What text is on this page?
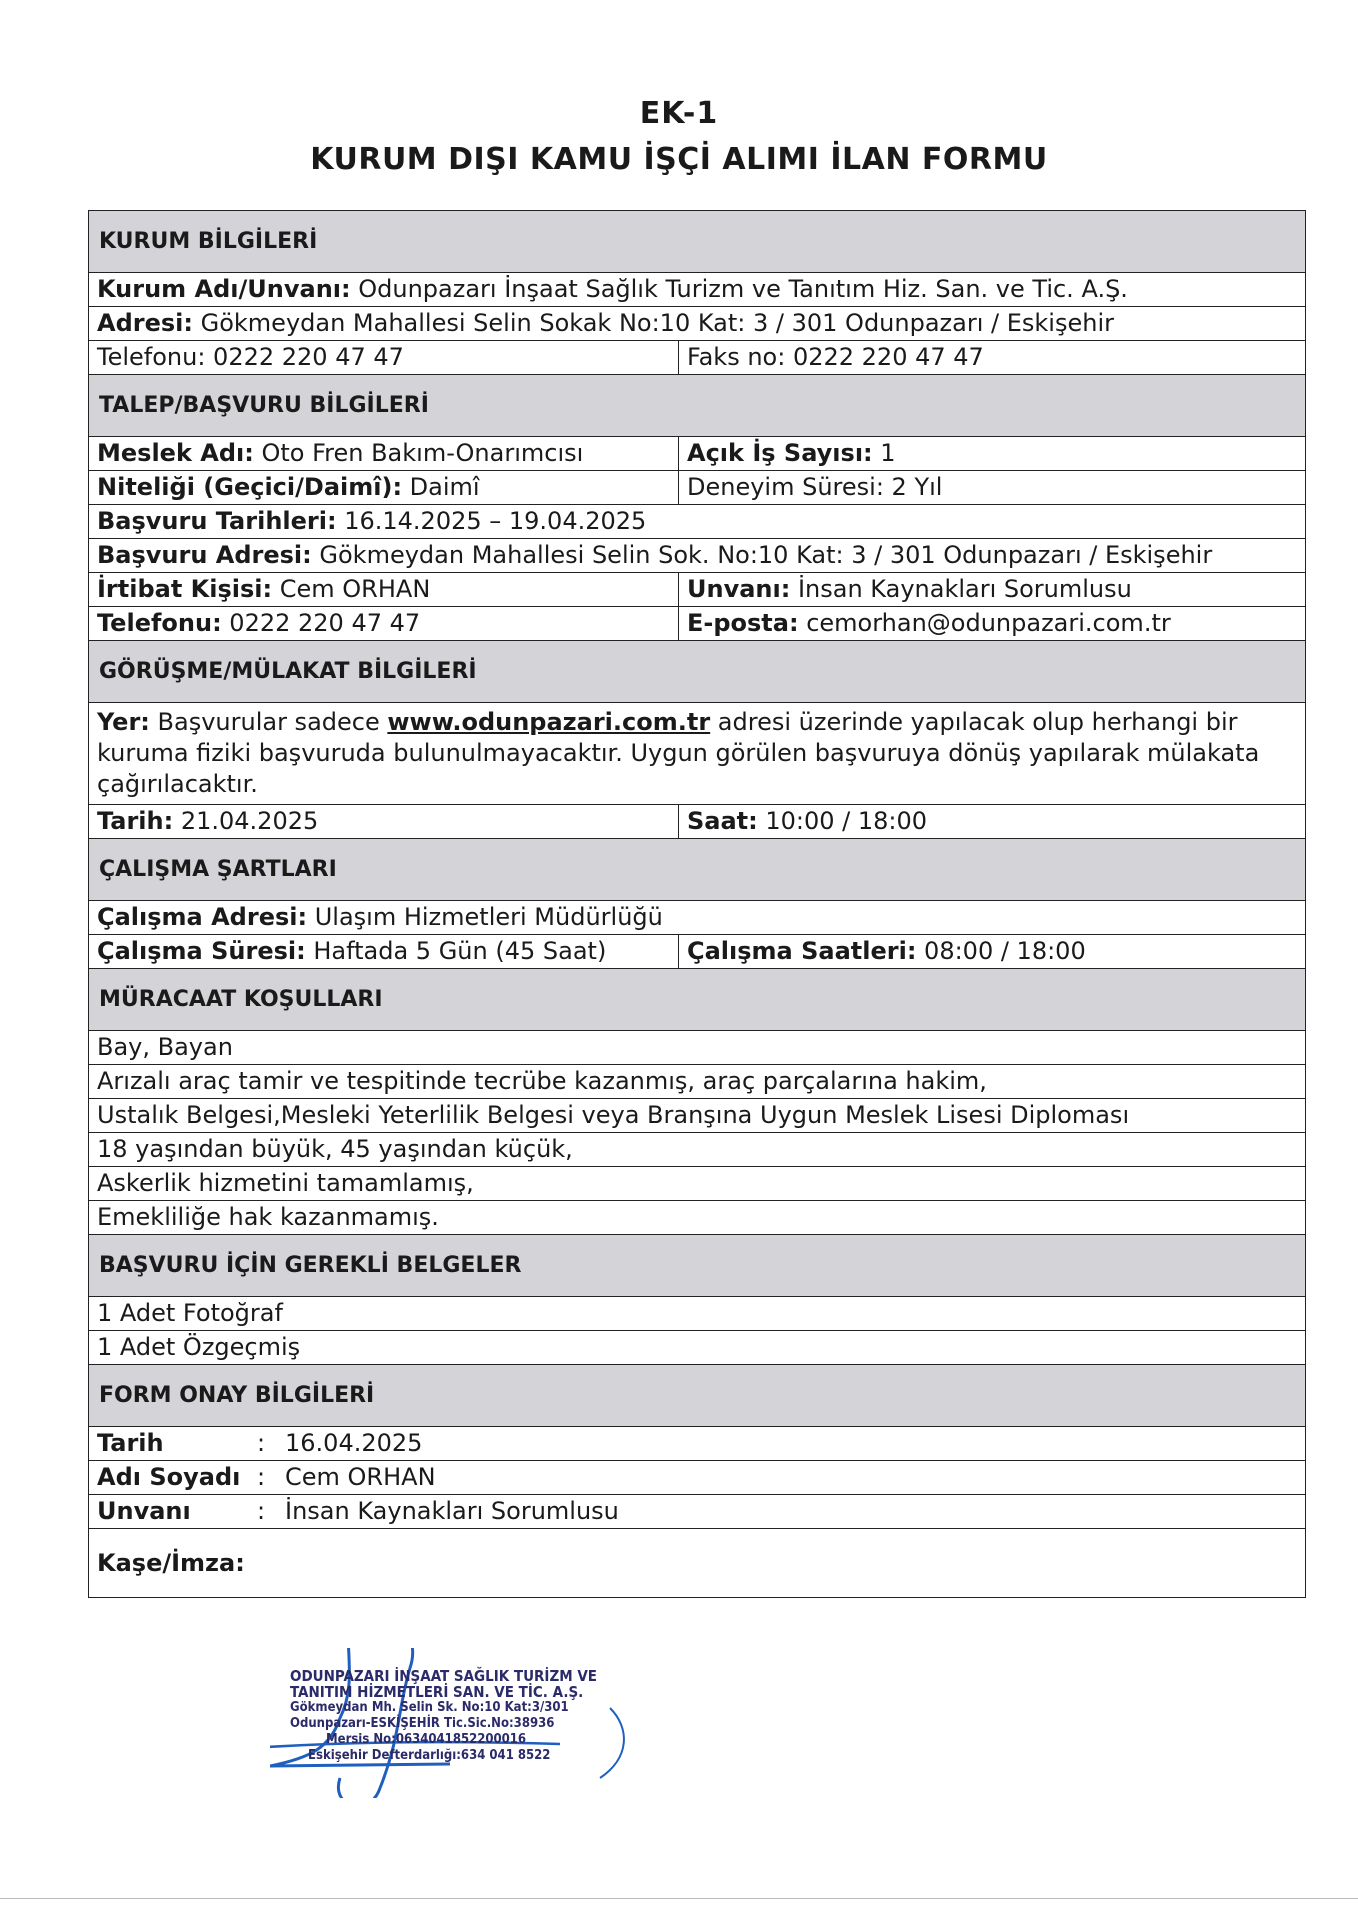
EK-1
KURUM DIŞI KAMU İŞÇİ ALIMI İLAN FORMU
KURUM BİLGİLERİ
Kurum Adı/Unvanı: Odunpazarı İnşaat Sağlık Turizm ve Tanıtım Hiz. San. ve Tic. A.Ş.
Adresi: Gökmeydan Mahallesi Selin Sokak No:10 Kat: 3 / 301 Odunpazarı / Eskişehir
Telefonu: 0222 220 47 47	Faks no: 0222 220 47 47
TALEP/BAŞVURU BİLGİLERİ
Meslek Adı: Oto Fren Bakım-Onarımcısı	Açık İş Sayısı: 1
Niteliği (Geçici/Daimî): Daimî	Deneyim Süresi: 2 Yıl
Başvuru Tarihleri: 16.14.2025 – 19.04.2025
Başvuru Adresi: Gökmeydan Mahallesi Selin Sok. No:10 Kat: 3 / 301 Odunpazarı / Eskişehir
İrtibat Kişisi: Cem ORHAN	Unvanı: İnsan Kaynakları Sorumlusu
Telefonu: 0222 220 47 47	E-posta: cemorhan@odunpazari.com.tr
GÖRÜŞME/MÜLAKAT BİLGİLERİ
Yer: Başvurular sadece www.odunpazari.com.tr adresi üzerinde yapılacak olup herhangi bir kuruma fiziki başvuruda bulunulmayacaktır. Uygun görülen başvuruya dönüş yapılarak mülakata çağırılacaktır.
Tarih: 21.04.2025	Saat: 10:00 / 18:00
ÇALIŞMA ŞARTLARI
Çalışma Adresi: Ulaşım Hizmetleri Müdürlüğü
Çalışma Süresi: Haftada 5 Gün (45 Saat)	Çalışma Saatleri: 08:00 / 18:00
MÜRACAAT KOŞULLARI
Bay, Bayan
Arızalı araç tamir ve tespitinde tecrübe kazanmış, araç parçalarına hakim,
Ustalık Belgesi,Mesleki Yeterlilik Belgesi veya Branşına Uygun Meslek Lisesi Diploması
18 yaşından büyük, 45 yaşından küçük,
Askerlik hizmetini tamamlamış,
Emekliliğe hak kazanmamış.
BAŞVURU İÇİN GEREKLİ BELGELER
1 Adet Fotoğraf
1 Adet Özgeçmiş
FORM ONAY BİLGİLERİ
Tarih	: 16.04.2025
Adı Soyadı : Cem ORHAN
Unvanı	: İnsan Kaynakları Sorumlusu
Kaşe/İmza:
ODUNPAZARI İNŞAAT SAĞLIK TURİZM VE
TANITIM HİZMETLERİ SAN. VE TİC. A.Ş.
Gökmeydan Mh. Selin Sk. No:10 Kat:3/301
Odunpazarı-ESKİŞEHİR Tic.Sic.No:38936
Mersis No:0634041852200016
Eskişehir Defterdarlığı:634 041 8522
